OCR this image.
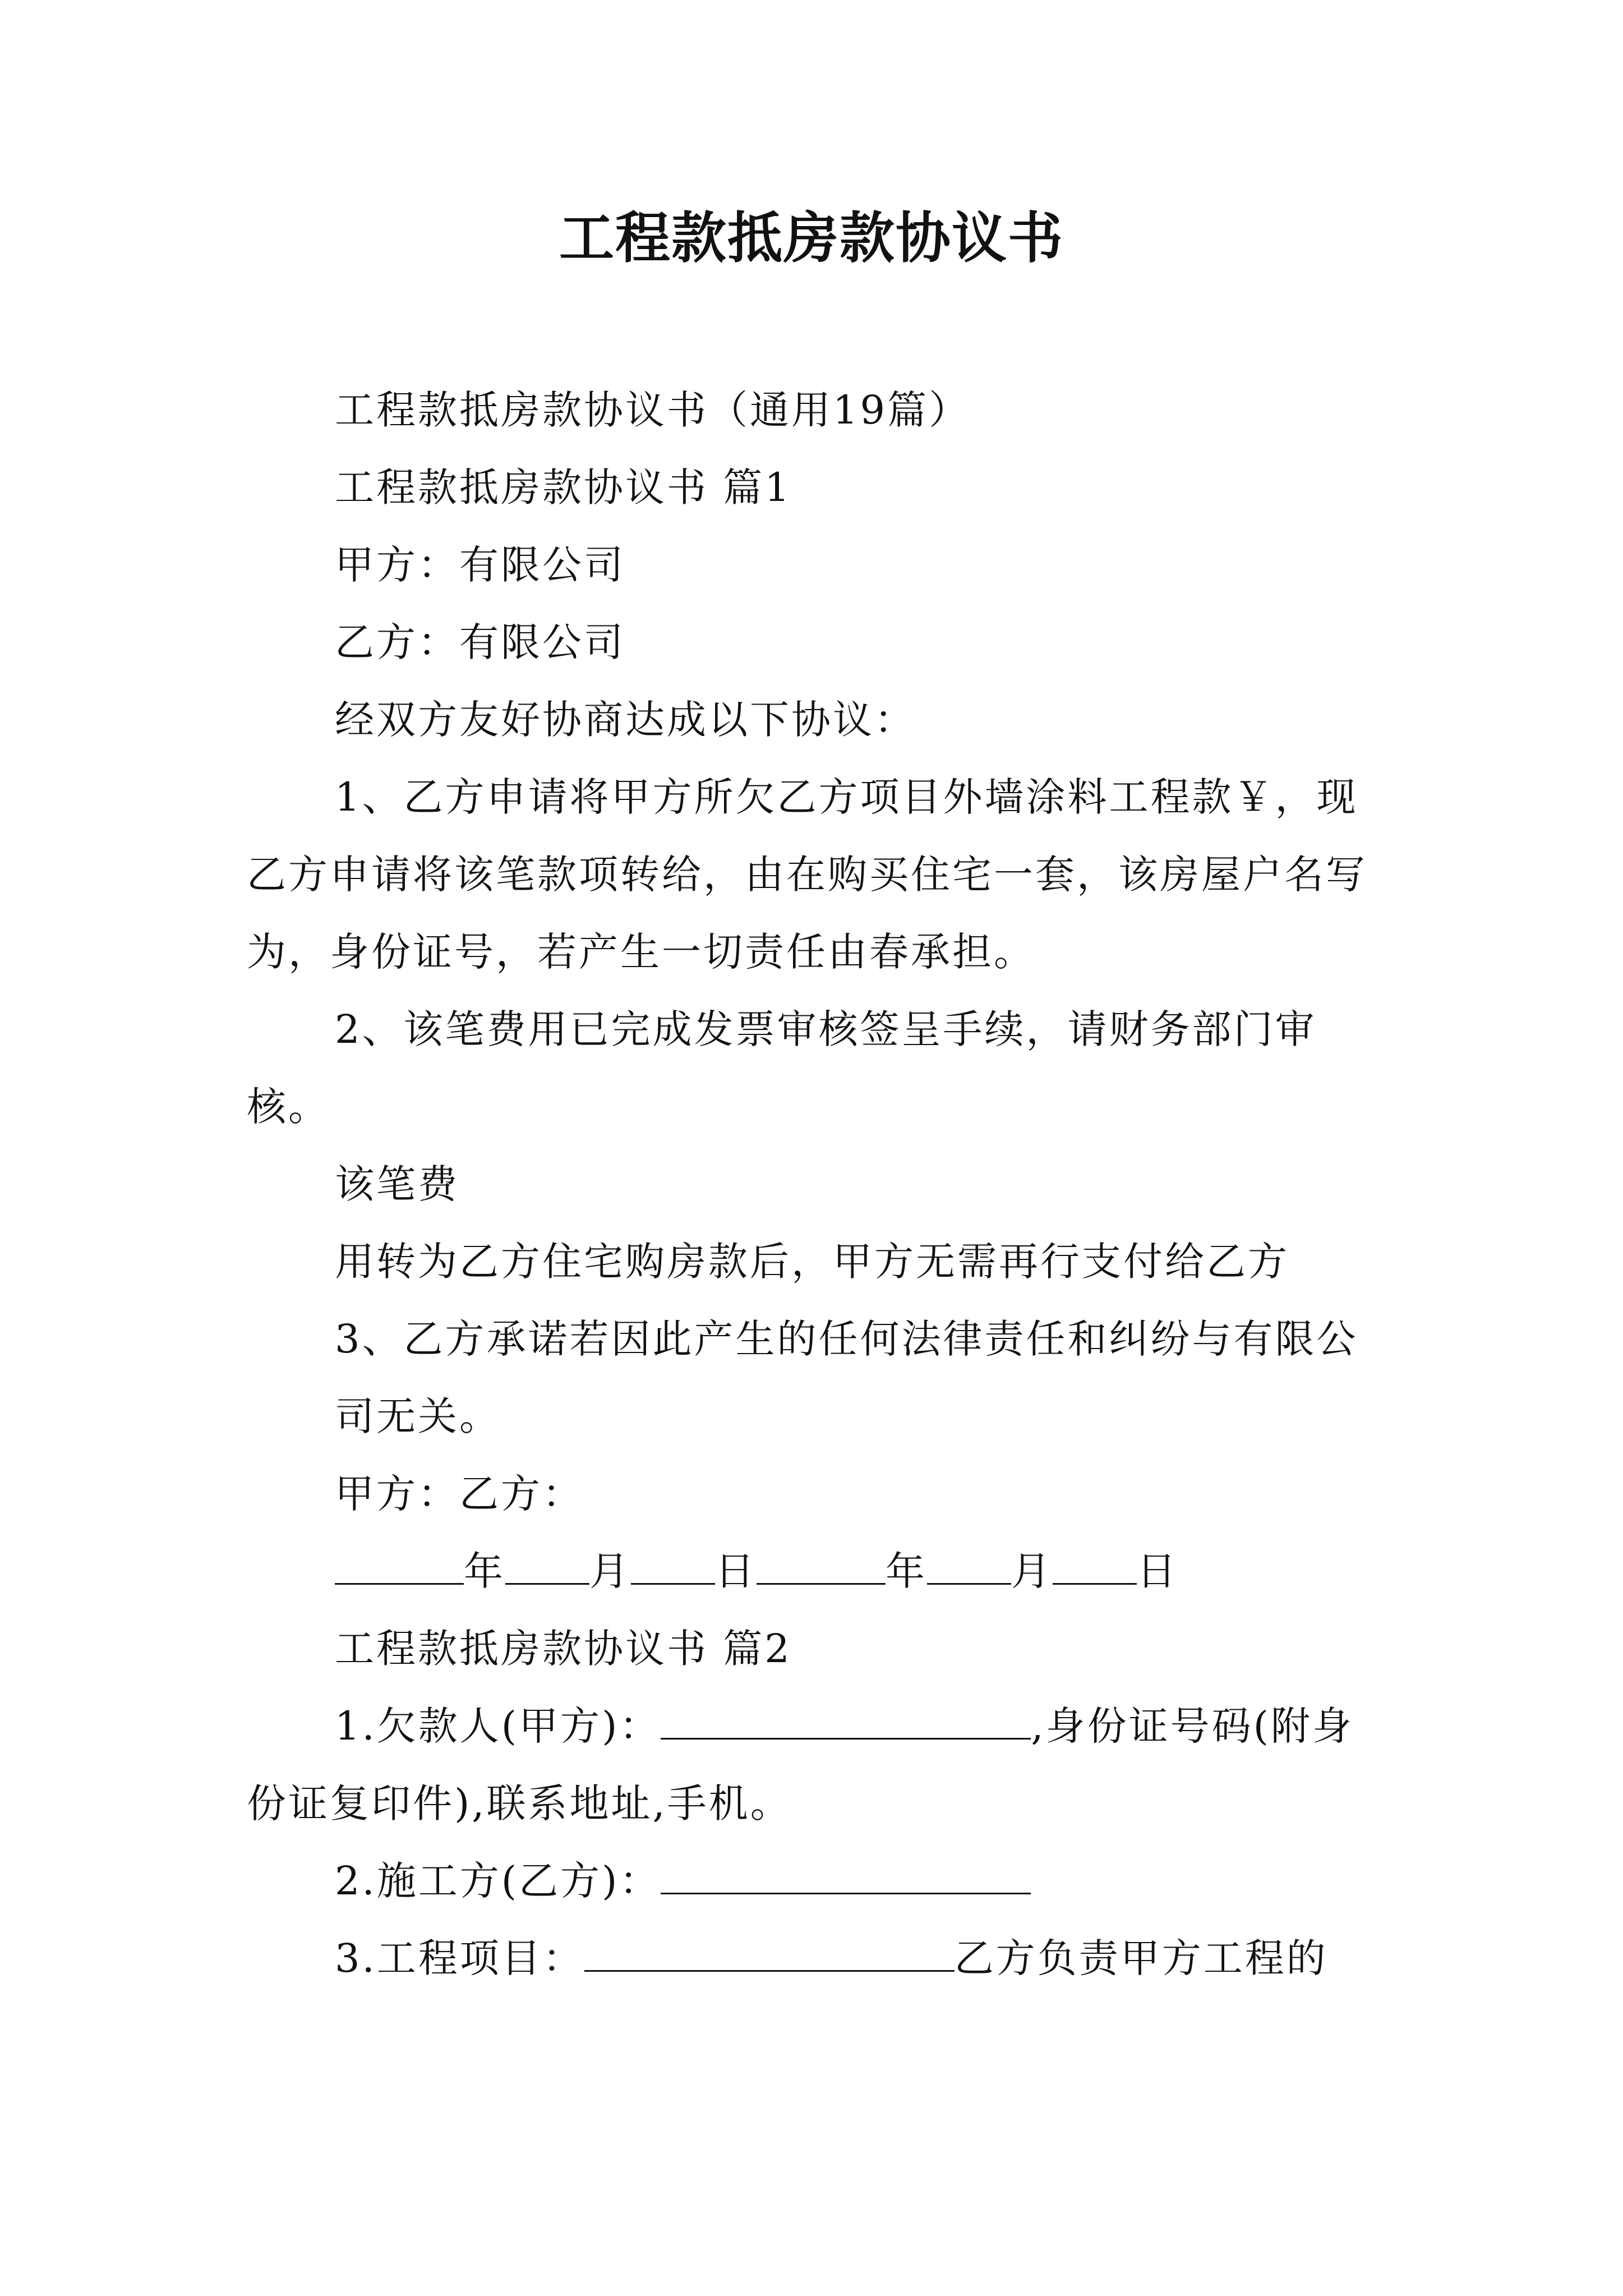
工程款抵房款协议书

工程款抵房款协议书（通用19篇）

工程款抵房款协议书 篇1

甲方：有限公司

乙方：有限公司

经双方友好协商达成以下协议：

1、乙方申请将甲方所欠乙方项目外墙涂料工程款￥，现乙方申请将该笔款项转给，由在购买住宅一套，该房屋户名写为，身份证号，若产生一切责任由春承担。

2、该笔费用已完成发票审核签呈手续，请财务部门审核。

该笔费

用转为乙方住宅购房款后，甲方无需再行支付给乙方

3、乙方承诺若因此产生的任何法律责任和纠纷与有限公

司无关。

甲方：乙方：

年 月 日	年 月 日

工程款抵房款协议书 篇2

1.欠款人(甲方)：	,身份证号码(附身份证复印件),联系地址,手机。

2.施工方(乙方)：

3.工程项目：	乙方负责甲方工程的
